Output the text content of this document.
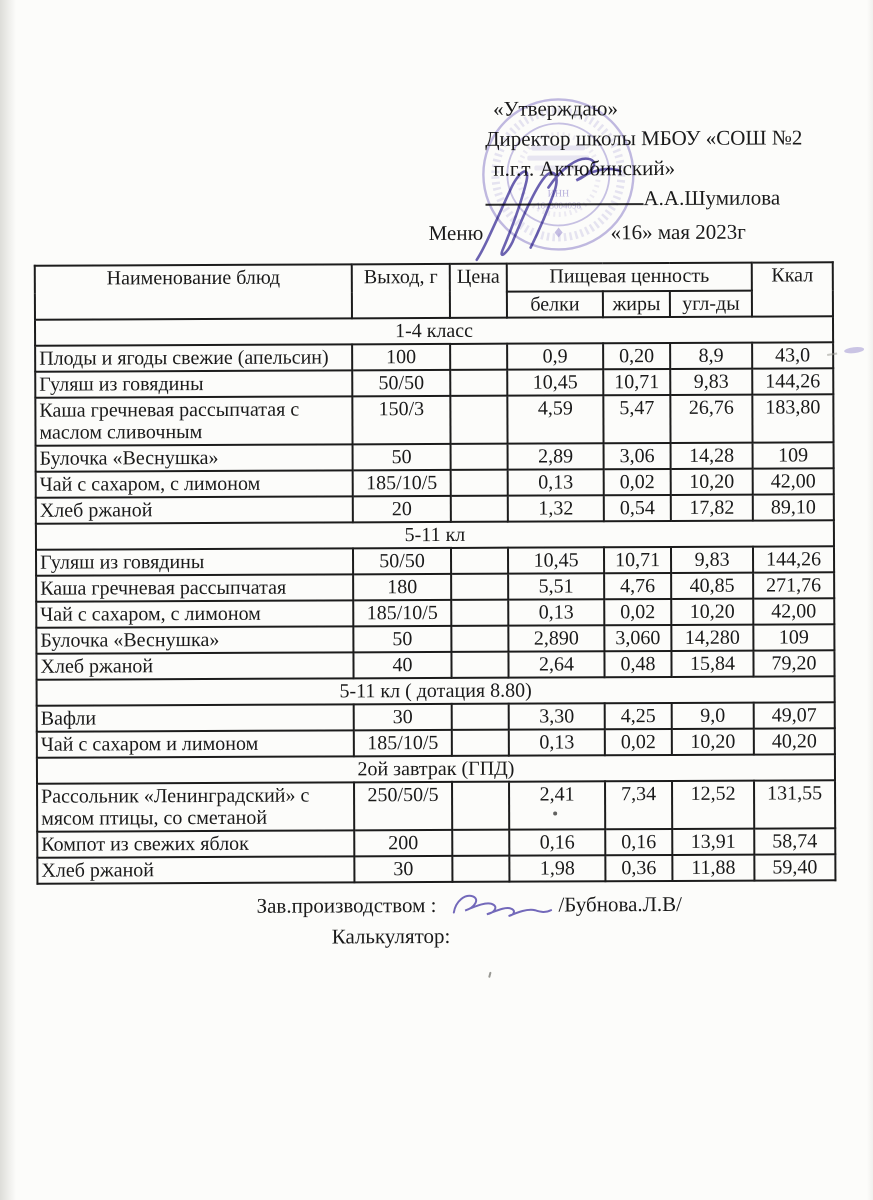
«Утверждаю»
Директор школы МБОУ «СОШ №2
п.г.т. Актюбинский»
А.А.Шумилова
ИНН
1643004098
Меню	«16» мая 2023г
Наименование блюд	Выход, г	Цена	Пищевая ценность			Ккал
			белки	жиры	угл-ды	
1-4 класс						
Плоды и ягоды свежие (апельсин)	100		0,9	0,20	8,9	43,0
Гуляш из говядины	50/50		10,45	10,71	9,83	144,26
Каша гречневая рассыпчатая с маслом сливочным	150/3		4,59	5,47	26,76	183,80
Булочка «Веснушка»	50		2,89	3,06	14,28	109
Чай с сахаром, с лимоном	185/10/5		0,13	0,02	10,20	42,00
Хлеб ржаной	20		1,32	0,54	17,82	89,10
5-11 кл						
Гуляш из говядины	50/50		10,45	10,71	9,83	144,26
Каша гречневая рассыпчатая	180		5,51	4,76	40,85	271,76
Чай с сахаром, с лимоном	185/10/5		0,13	0,02	10,20	42,00
Булочка «Веснушка»	50		2,890	3,060	14,280	109
Хлеб ржаной	40		2,64	0,48	15,84	79,20
5-11 кл ( дотация 8.80)						
Вафли	30		3,30	4,25	9,0	49,07
Чай с сахаром и лимоном	185/10/5		0,13	0,02	10,20	40,20
2ой завтрак (ГПД)						
Рассольник «Ленинградский» с мясом птицы, со сметаной	250/50/5		2,41	7,34	12,52	131,55
Компот из свежих яблок	200		0,16	0,16	13,91	58,74
Хлеб ржаной	30		1,98	0,36	11,88	59,40
Зав.производством :	/Бубнова.Л.В/
Калькулятор:
